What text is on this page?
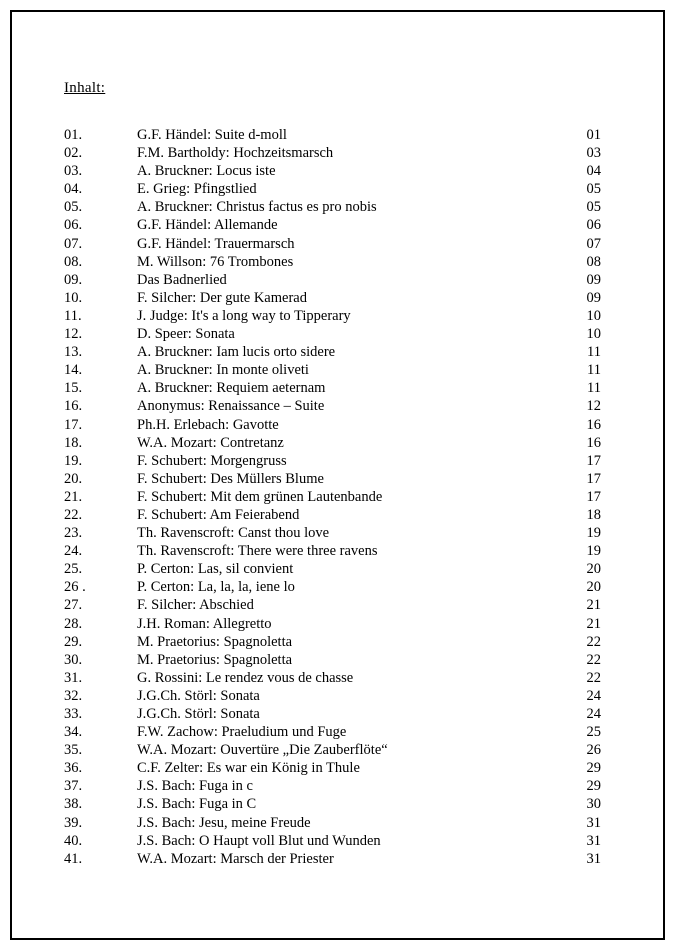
Inhalt:
01.	G.F. Händel: Suite d-moll	01
02.	F.M. Bartholdy: Hochzeitsmarsch	03
03.	A. Bruckner: Locus iste	04
04.	E. Grieg: Pfingstlied	05
05.	A. Bruckner: Christus factus es pro nobis	05
06.	G.F. Händel: Allemande	06
07.	G.F. Händel: Trauermarsch	07
08.	M. Willson: 76 Trombones	08
09.	Das Badnerlied	09
10.	F. Silcher: Der gute Kamerad	09
11.	J. Judge: It's a long way to Tipperary	10
12.	D. Speer: Sonata	10
13.	A. Bruckner: Iam lucis orto sidere	11
14.	A. Bruckner: In monte oliveti	11
15.	A. Bruckner: Requiem aeternam	11
16.	Anonymus: Renaissance – Suite	12
17.	Ph.H. Erlebach: Gavotte	16
18.	W.A. Mozart: Contretanz	16
19.	F. Schubert: Morgengruss	17
20.	F. Schubert: Des Müllers Blume	17
21.	F. Schubert: Mit dem grünen Lautenbande	17
22.	F. Schubert: Am Feierabend	18
23.	Th. Ravenscroft: Canst thou love	19
24.	Th. Ravenscroft: There were three ravens	19
25.	P. Certon: Las, sil convient	20
26 .	P. Certon: La, la, la, iene lo	20
27.	F. Silcher: Abschied	21
28.	J.H. Roman: Allegretto	21
29.	M. Praetorius: Spagnoletta	22
30.	M. Praetorius: Spagnoletta	22
31.	G. Rossini: Le rendez vous de chasse	22
32.	J.G.Ch. Störl: Sonata	24
33.	J.G.Ch. Störl: Sonata	24
34.	F.W. Zachow: Praeludium und Fuge	25
35.	W.A. Mozart: Ouvertüre „Die Zauberflöte“	26
36.	C.F. Zelter: Es war ein König in Thule	29
37.	J.S. Bach: Fuga in c	29
38.	J.S. Bach: Fuga in C	30
39.	J.S. Bach: Jesu, meine Freude	31
40.	J.S. Bach: O Haupt voll Blut und Wunden	31
41.	W.A. Mozart: Marsch der Priester	31
